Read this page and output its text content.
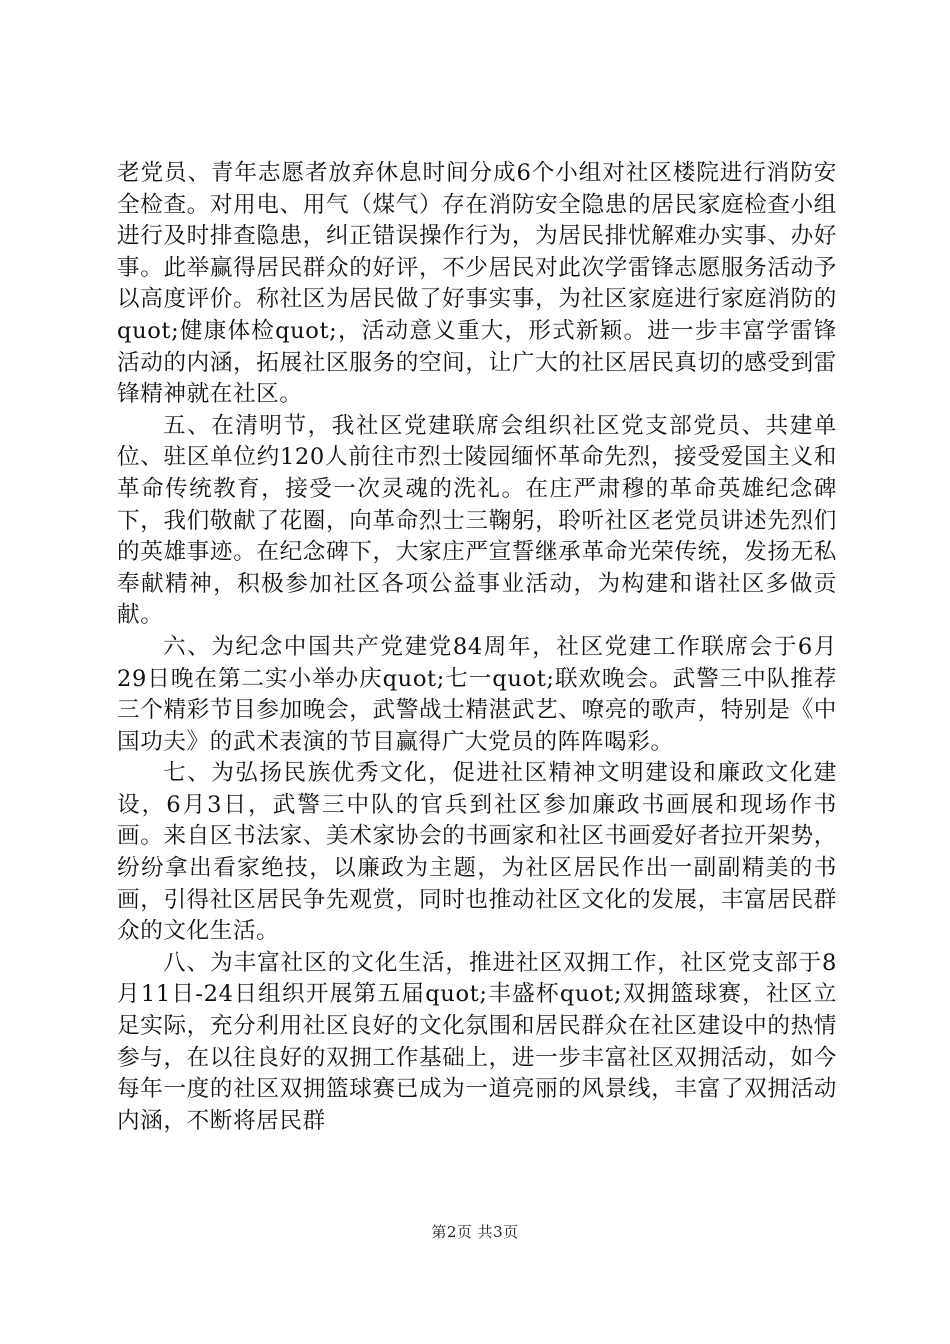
老党员、青年志愿者放弃休息时间分成6个小组对社区楼院进行消防安全检查。对用电、用气（煤气）存在消防安全隐患的居民家庭检查小组进行及时排查隐患，纠正错误操作行为，为居民排忧解难办实事、办好事。此举赢得居民群众的好评，不少居民对此次学雷锋志愿服务活动予以高度评价。称社区为居民做了好事实事，为社区家庭进行家庭消防的quot;健康体检quot;，活动意义重大，形式新颖。进一步丰富学雷锋活动的内涵，拓展社区服务的空间，让广大的社区居民真切的感受到雷锋精神就在社区。

五、在清明节，我社区党建联席会组织社区党支部党员、共建单位、驻区单位约120人前往市烈士陵园缅怀革命先烈，接受爱国主义和革命传统教育，接受一次灵魂的洗礼。在庄严肃穆的革命英雄纪念碑下，我们敬献了花圈，向革命烈士三鞠躬，聆听社区老党员讲述先烈们的英雄事迹。在纪念碑下，大家庄严宣誓继承革命光荣传统，发扬无私奉献精神，积极参加社区各项公益事业活动，为构建和谐社区多做贡献。

六、为纪念中国共产党建党84周年，社区党建工作联席会于6月29日晚在第二实小举办庆quot;七一quot;联欢晚会。武警三中队推荐三个精彩节目参加晚会，武警战士精湛武艺、嘹亮的歌声，特别是《中国功夫》的武术表演的节目赢得广大党员的阵阵喝彩。

七、为弘扬民族优秀文化，促进社区精神文明建设和廉政文化建设，6月3日，武警三中队的官兵到社区参加廉政书画展和现场作书画。来自区书法家、美术家协会的书画家和社区书画爱好者拉开架势，纷纷拿出看家绝技，以廉政为主题，为社区居民作出一副副精美的书画，引得社区居民争先观赏，同时也推动社区文化的发展，丰富居民群众的文化生活。

八、为丰富社区的文化生活，推进社区双拥工作，社区党支部于8月11日-24日组织开展第五届quot;丰盛杯quot;双拥篮球赛，社区立足实际，充分利用社区良好的文化氛围和居民群众在社区建设中的热情参与，在以往良好的双拥工作基础上，进一步丰富社区双拥活动，如今每年一度的社区双拥篮球赛已成为一道亮丽的风景线，丰富了双拥活动内涵，不断将居民群

第2页 共3页
